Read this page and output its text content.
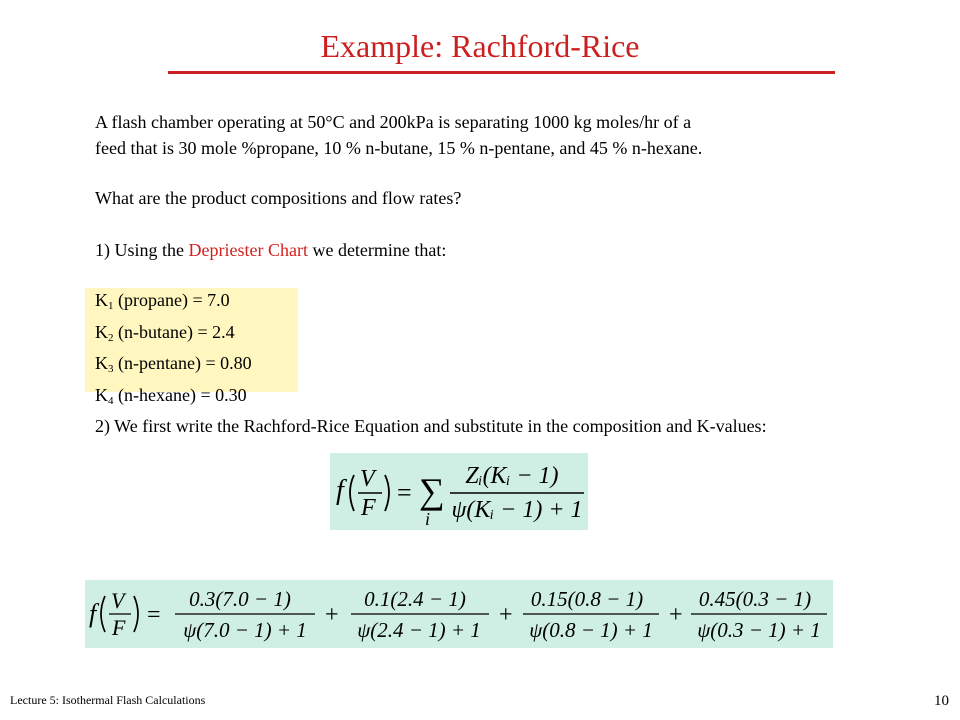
Example: Rachford-Rice
A flash chamber operating at 50°C and 200kPa is separating 1000 kg moles/hr of a
feed that is 30 mole %propane, 10 % n-butane, 15 % n-pentane, and 45 % n-hexane.
What are the product compositions and flow rates?
1) Using the Depriester Chart we determine that:
$K_1$ (propane) = 7.0
$K_2$ (n-butane) = 2.4
$K_3$ (n-pentane) = 0.80
$K_4$ (n-hexane) = 0.30
2) We first write the Rachford-Rice Equation and substitute in the composition and K-values:
f V
F
= ∑
i
Zᵢ(Kᵢ − 1)
ψ(Kᵢ − 1) + 1
f V
F =
0.3(7.0 − 1)
ψ(7.0 − 1) + 1
+
0.1(2.4 − 1)
ψ(2.4 − 1) + 1
+
0.15(0.8 − 1)
ψ(0.8 − 1) + 1
+
0.45(0.3 − 1)
ψ(0.3 − 1) + 1
Lecture 5: Isothermal Flash Calculations	10
